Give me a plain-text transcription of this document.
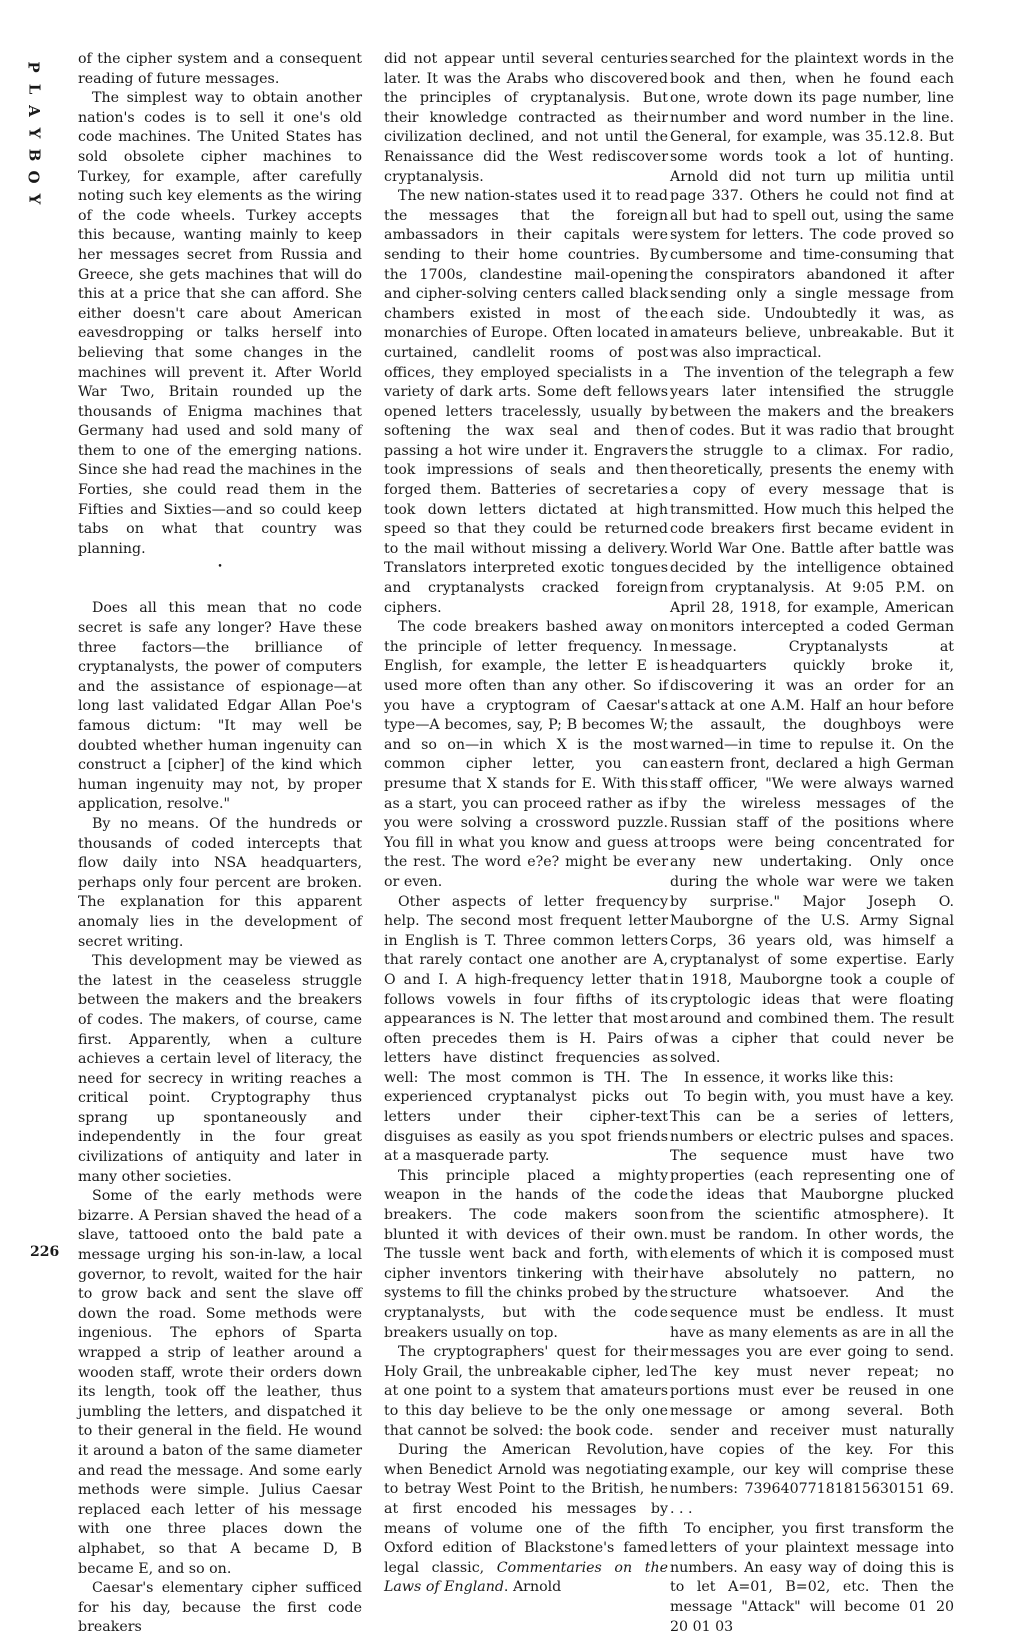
P
L
A
Y
B
O
Y
226

of the cipher system and a consequent reading of future messages.

The simplest way to obtain another nation's codes is to sell it one's old code machines. The United States has sold obsolete cipher machines to Turkey, for example, after carefully noting such key elements as the wiring of the code wheels. Turkey accepts this because, wanting mainly to keep her messages secret from Russia and Greece, she gets machines that will do this at a price that she can afford. She either doesn't care about American eavesdropping or talks herself into believing that some changes in the machines will prevent it. After World War Two, Britain rounded up the thousands of Enigma machines that Germany had used and sold many of them to one of the emerging nations. Since she had read the machines in the Forties, she could read them in the Fifties and Sixties—and so could keep tabs on what that country was planning.

•

Does all this mean that no code secret is safe any longer? Have these three factors—the brilliance of cryptanalysts, the power of computers and the assistance of espionage—at long last validated Edgar Allan Poe's famous dictum: "It may well be doubted whether human ingenuity can construct a [cipher] of the kind which human ingenuity may not, by proper application, resolve."

By no means. Of the hundreds or thousands of coded intercepts that flow daily into NSA headquarters, perhaps only four percent are broken. The explanation for this apparent anomaly lies in the development of secret writing.

This development may be viewed as the latest in the ceaseless struggle between the makers and the breakers of codes. The makers, of course, came first. Apparently, when a culture achieves a certain level of literacy, the need for secrecy in writing reaches a critical point. Cryptography thus sprang up spontaneously and independently in the four great civilizations of antiquity and later in many other societies.

Some of the early methods were bizarre. A Persian shaved the head of a slave, tattooed onto the bald pate a message urging his son-in-law, a local governor, to revolt, waited for the hair to grow back and sent the slave off down the road. Some methods were ingenious. The ephors of Sparta wrapped a strip of leather around a wooden staff, wrote their orders down its length, took off the leather, thus jumbling the letters, and dispatched it to their general in the field. He wound it around a baton of the same diameter and read the message. And some early methods were simple. Julius Caesar replaced each letter of his message with one three places down the alphabet, so that A became D, B became E, and so on.

Caesar's elementary cipher sufficed for his day, because the first code breakers

did not appear until several centuries later. It was the Arabs who discovered the principles of cryptanalysis. But their knowledge contracted as their civilization declined, and not until the Renaissance did the West rediscover cryptanalysis.

The new nation-states used it to read the messages that the foreign ambassadors in their capitals were sending to their home countries. By the 1700s, clandestine mail-opening and cipher-solving centers called black chambers existed in most of the monarchies of Europe. Often located in curtained, candlelit rooms of post offices, they employed specialists in a variety of dark arts. Some deft fellows opened letters tracelessly, usually by softening the wax seal and then passing a hot wire under it. Engravers took impressions of seals and then forged them. Batteries of secretaries took down letters dictated at high speed so that they could be returned to the mail without missing a delivery. Translators interpreted exotic tongues and cryptanalysts cracked foreign ciphers.

The code breakers bashed away on the principle of letter frequency. In English, for example, the letter E is used more often than any other. So if you have a cryptogram of Caesar's type—A becomes, say, P; B becomes W; and so on—in which X is the most common cipher letter, you can presume that X stands for E. With this as a start, you can proceed rather as if you were solving a crossword puzzle. You fill in what you know and guess at the rest. The word e?e? might be ever or even.

Other aspects of letter frequency help. The second most frequent letter in English is T. Three common letters that rarely contact one another are A, O and I. A high-frequency letter that follows vowels in four fifths of its appearances is N. The letter that most often precedes them is H. Pairs of letters have distinct frequencies as well: The most common is TH. The experienced cryptanalyst picks out letters under their cipher-text disguises as easily as you spot friends at a masquerade party.

This principle placed a mighty weapon in the hands of the code breakers. The code makers soon blunted it with devices of their own. The tussle went back and forth, with cipher inventors tinkering with their systems to fill the chinks probed by the cryptanalysts, but with the code breakers usually on top.

The cryptographers' quest for their Holy Grail, the unbreakable cipher, led at one point to a system that amateurs to this day believe to be the only one that cannot be solved: the book code.

During the American Revolution, when Benedict Arnold was negotiating to betray West Point to the British, he at first encoded his messages by means of volume one of the fifth Oxford edition of Blackstone's famed legal classic, Commentaries on the Laws of England. Arnold

searched for the plaintext words in the book and then, when he found each one, wrote down its page number, line number and word number in the line. General, for example, was 35.12.8. But some words took a lot of hunting. Arnold did not turn up militia until page 337. Others he could not find at all but had to spell out, using the same system for letters. The code proved so cumbersome and time-consuming that the conspirators abandoned it after sending only a single message from each side. Undoubtedly it was, as amateurs believe, unbreakable. But it was also impractical.

The invention of the telegraph a few years later intensified the struggle between the makers and the breakers of codes. But it was radio that brought the struggle to a climax. For radio, theoretically, presents the enemy with a copy of every message that is transmitted. How much this helped the code breakers first became evident in World War One. Battle after battle was decided by the intelligence obtained from cryptanalysis. At 9:05 P.M. on April 28, 1918, for example, American monitors intercepted a coded German message. Cryptanalysts at headquarters quickly broke it, discovering it was an order for an attack at one A.M. Half an hour before the assault, the doughboys were warned—in time to repulse it. On the eastern front, declared a high German staff officer, "We were always warned by the wireless messages of the Russian staff of the positions where troops were being concentrated for any new undertaking. Only once during the whole war were we taken by surprise." Major Joseph O. Mauborgne of the U.S. Army Signal Corps, 36 years old, was himself a cryptanalyst of some expertise. Early in 1918, Mauborgne took a couple of cryptologic ideas that were floating around and combined them. The result was a cipher that could never be solved.

In essence, it works like this:

To begin with, you must have a key. This can be a series of letters, numbers or electric pulses and spaces. The sequence must have two properties (each representing one of the ideas that Mauborgne plucked from the scientific atmosphere). It must be random. In other words, the elements of which it is composed must have absolutely no pattern, no structure whatsoever. And the sequence must be endless. It must have as many elements as are in all the messages you are ever going to send. The key must never repeat; no portions must ever be reused in one message or among several. Both sender and receiver must naturally have copies of the key. For this example, our key will comprise these numbers: 73964077181815630151 69. . . .

To encipher, you first transform the letters of your plaintext message into numbers. An easy way of doing this is to let A=01, B=02, etc. Then the message "Attack" will become 01 20 20 01 03
